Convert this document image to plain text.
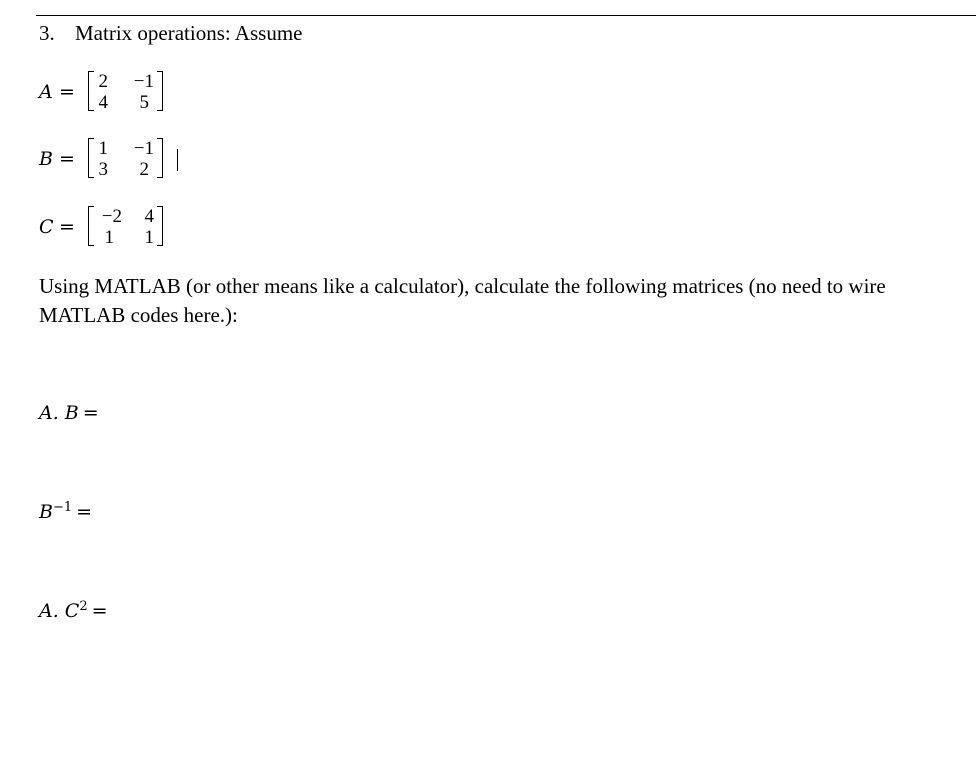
3. Matrix operations: Assume
A = 2	−1
4	5
B = 1	−1
3	2
C =	−2	4
1	1
Using MATLAB (or other means like a calculator), calculate the following matrices (no need to wire MATLAB codes here.):
A. B =
$B^{-1}$ =
A. $C^2$ =
